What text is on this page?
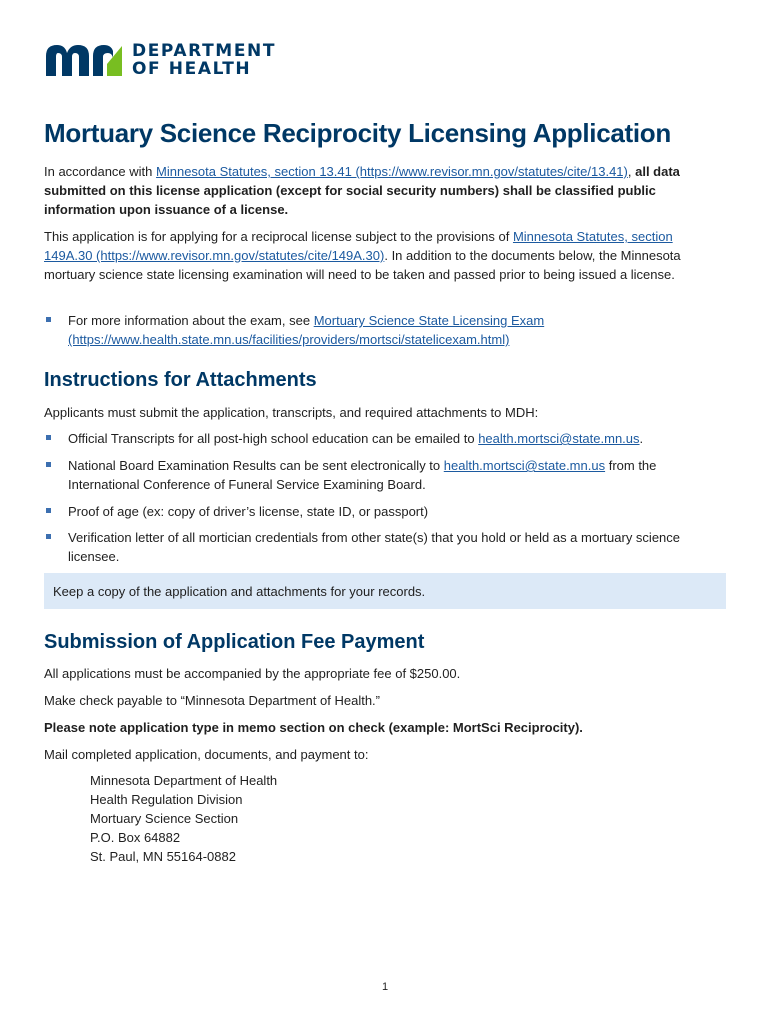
DEPARTMENT
OF HEALTH
Mortuary Science Reciprocity Licensing Application

In accordance with Minnesota Statutes, section 13.41 (https://www.revisor.mn.gov/statutes/cite/13.41), all data submitted on this license application (except for social security numbers) shall be classified public information upon issuance of a license.

This application is for applying for a reciprocal license subject to the provisions of Minnesota Statutes, section 149A.30 (https://www.revisor.mn.gov/statutes/cite/149A.30). In addition to the documents below, the Minnesota mortuary science state licensing examination will need to be taken and passed prior to being issued a license.

For more information about the exam, see Mortuary Science State Licensing Exam (https://www.health.state.mn.us/facilities/providers/mortsci/statelicexam.html)
Instructions for Attachments

Applicants must submit the application, transcripts, and required attachments to MDH:

Official Transcripts for all post-high school education can be emailed to health.mortsci@state.mn.us.
National Board Examination Results can be sent electronically to health.mortsci@state.mn.us from the International Conference of Funeral Service Examining Board.
Proof of age (ex: copy of driver’s license, state ID, or passport)
Verification letter of all mortician credentials from other state(s) that you hold or held as a mortuary science licensee.
Keep a copy of the application and attachments for your records.
Submission of Application Fee Payment

All applications must be accompanied by the appropriate fee of $250.00.

Make check payable to “Minnesota Department of Health.”

Please note application type in memo section on check (example: MortSci Reciprocity).

Mail completed application, documents, and payment to:

Minnesota Department of Health
Health Regulation Division
Mortuary Science Section
P.O. Box 64882
St. Paul, MN 55164-0882
1
